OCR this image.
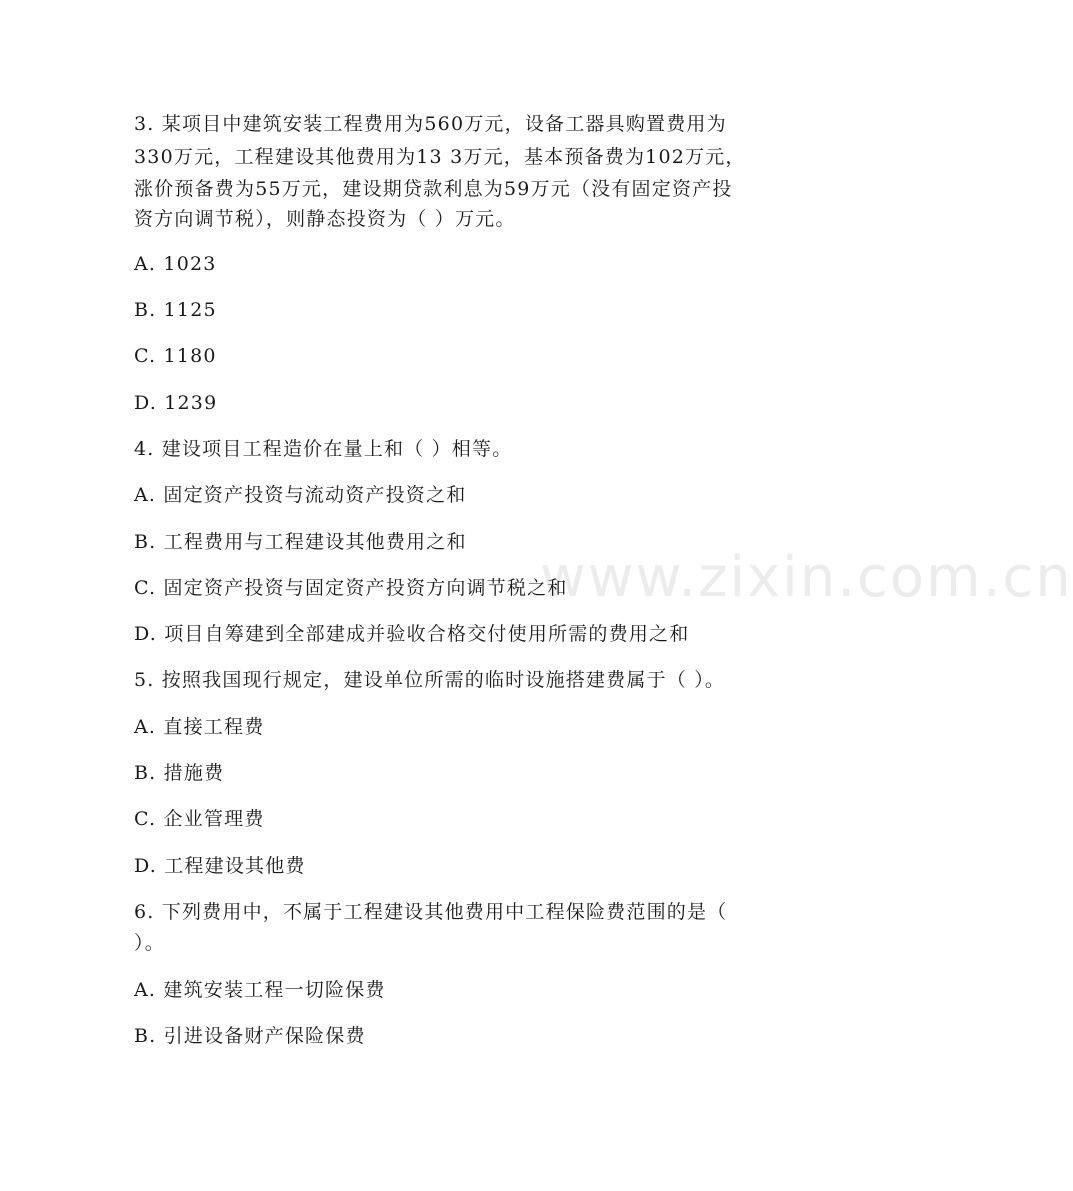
www.zixin.com.cn
3. 某项目中建筑安装工程费用为560万元，设备工器具购置费用为
330万元，工程建设其他费用为13 3万元，基本预备费为102万元，
涨价预备费为55万元，建设期贷款利息为59万元（没有固定资产投
资方向调节税），则静态投资为（ ）万元。
A. 1023
B. 1125
C. 1180
D. 1239
4. 建设项目工程造价在量上和（ ）相等。
A. 固定资产投资与流动资产投资之和
B. 工程费用与工程建设其他费用之和
C. 固定资产投资与固定资产投资方向调节税之和
D. 项目自筹建到全部建成并验收合格交付使用所需的费用之和
5. 按照我国现行规定，建设单位所需的临时设施搭建费属于（ ）。
A. 直接工程费
B. 措施费
C. 企业管理费
D. 工程建设其他费
6. 下列费用中，不属于工程建设其他费用中工程保险费范围的是（
）。
A. 建筑安装工程一切险保费
B. 引进设备财产保险保费
